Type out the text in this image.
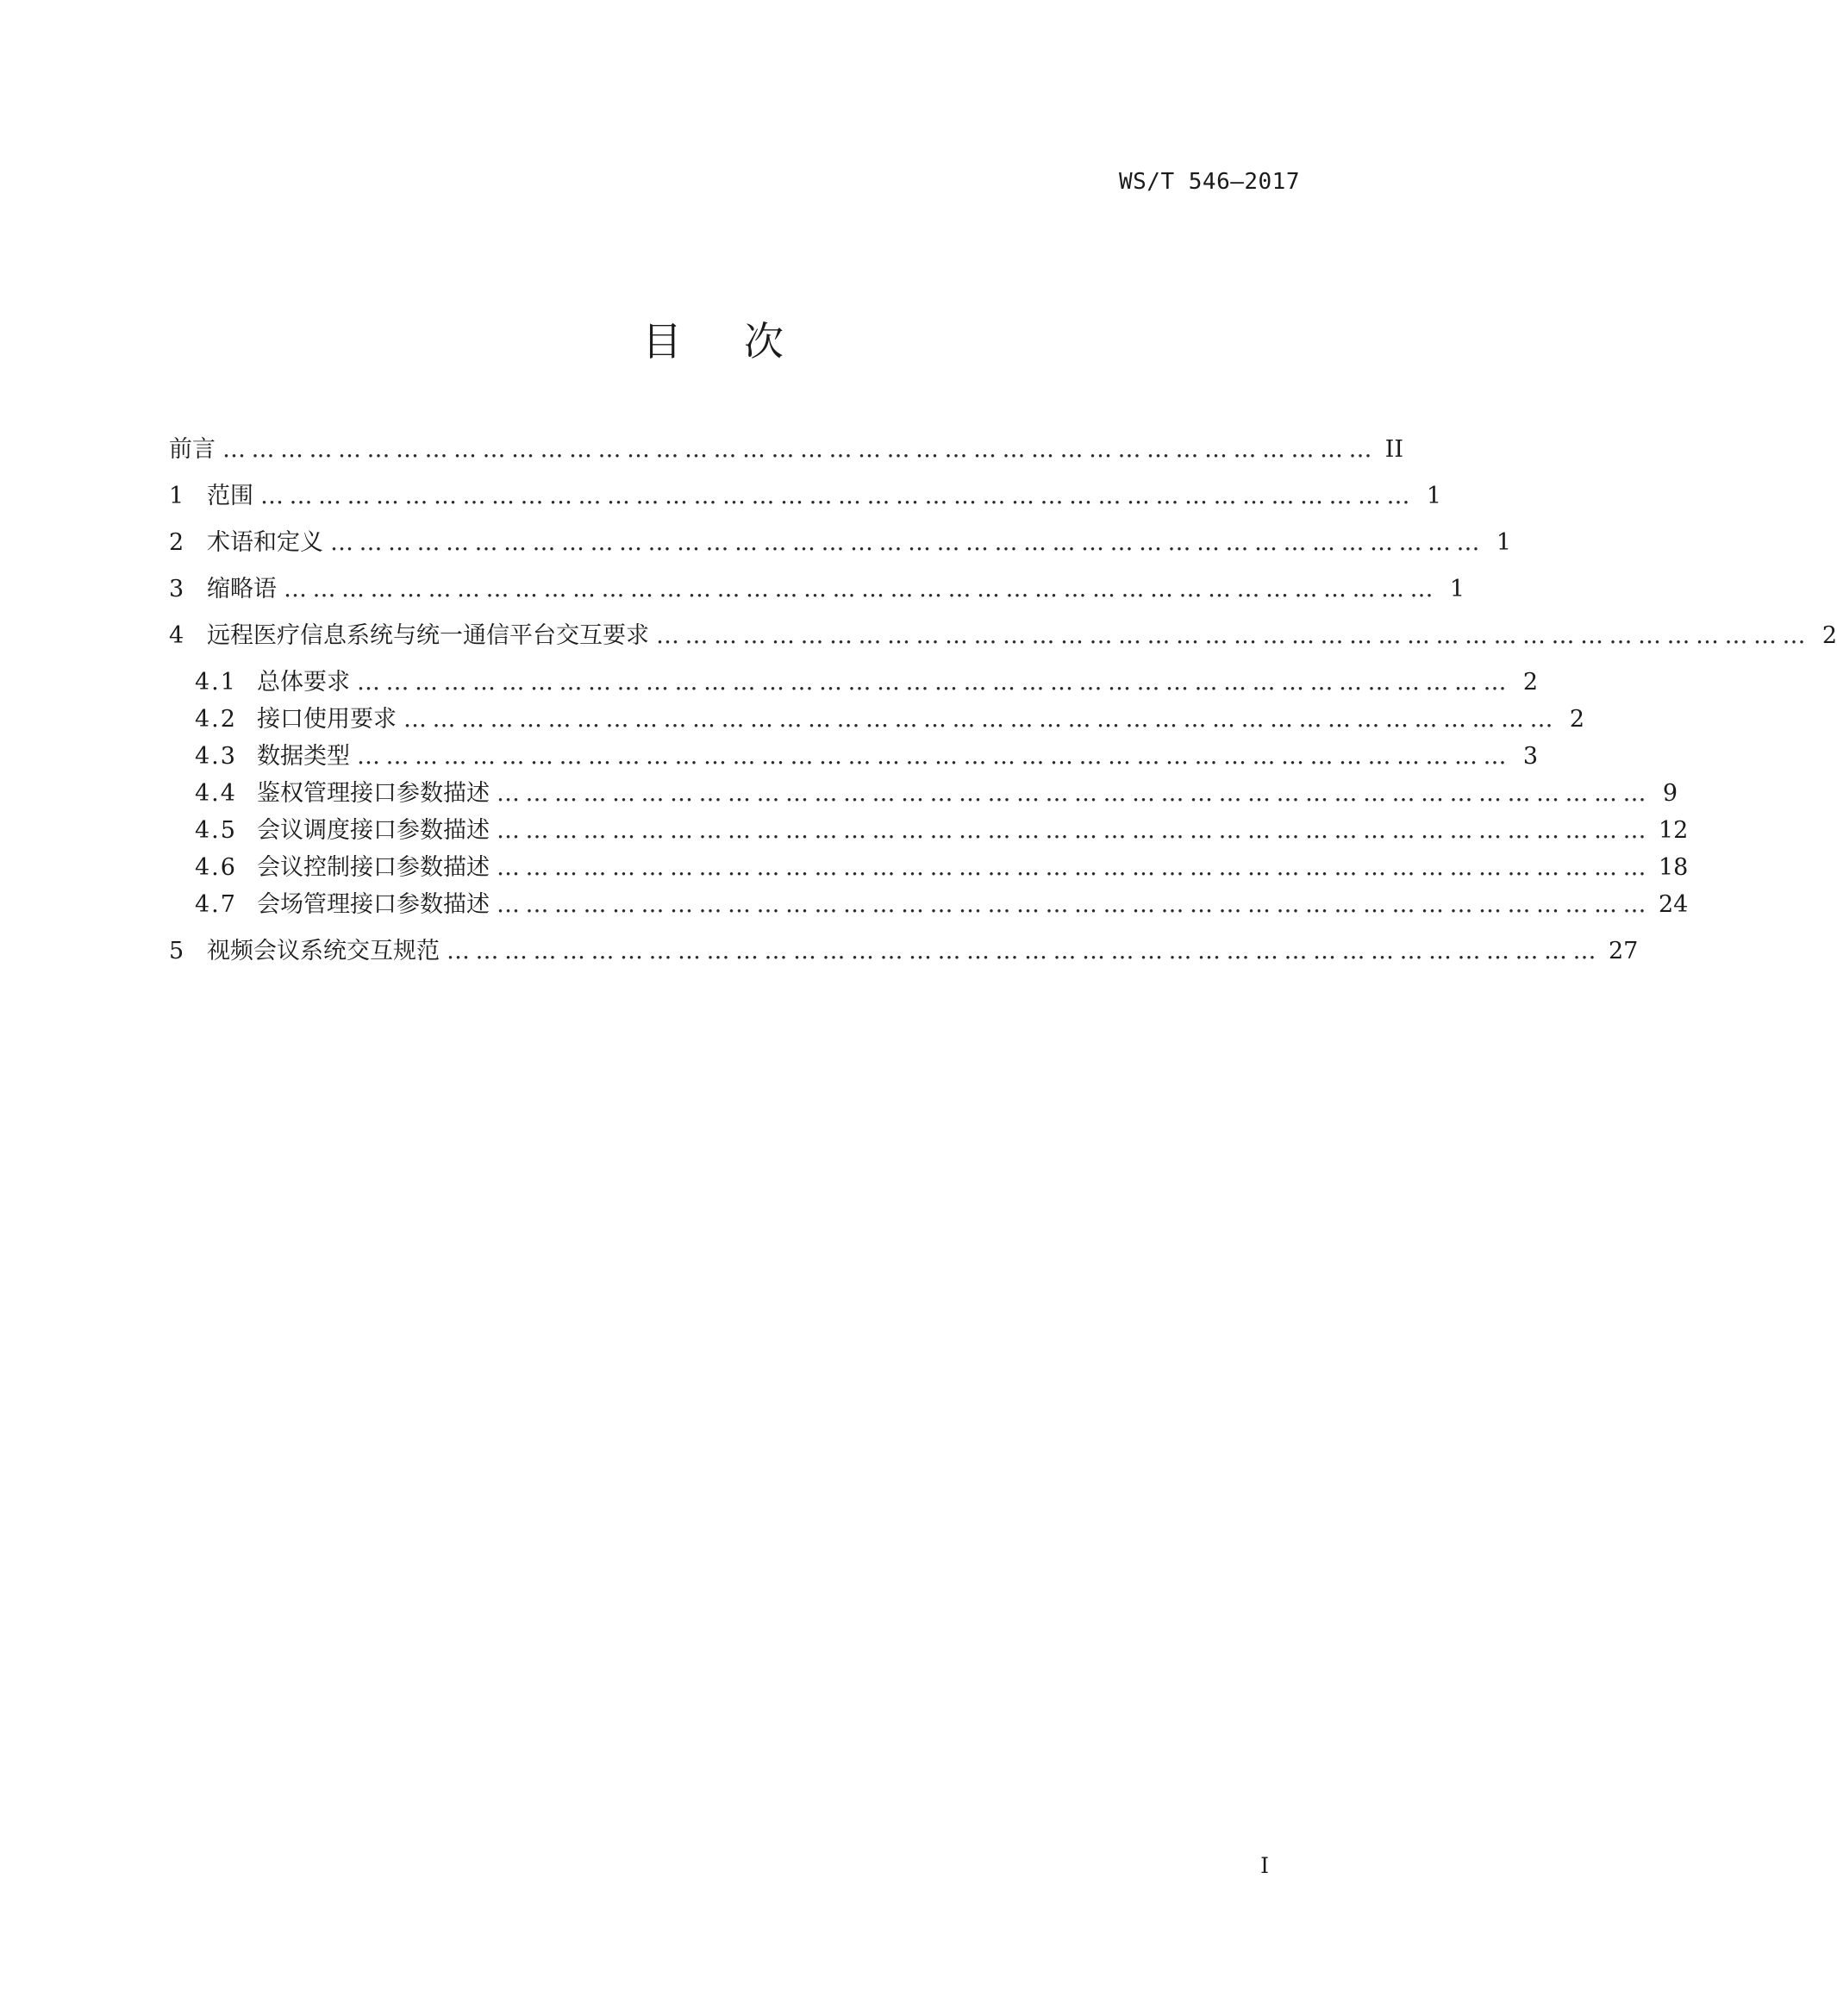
WS/T 546—2017
目次
前言 ………………………………………………………………………………………………………… II
1 范围 ………………………………………………………………………………………………………… 1
2 术语和定义 ………………………………………………………………………………………………………… 1
3 缩略语 ………………………………………………………………………………………………………… 1
4 远程医疗信息系统与统一通信平台交互要求 ………………………………………………………………………………………………………… 2
4.1 总体要求 ………………………………………………………………………………………………………… 2
4.2 接口使用要求 ………………………………………………………………………………………………………… 2
4.3 数据类型 ………………………………………………………………………………………………………… 3
4.4 鉴权管理接口参数描述 ………………………………………………………………………………………………………… 9
4.5 会议调度接口参数描述 ………………………………………………………………………………………………………… 12
4.6 会议控制接口参数描述 ………………………………………………………………………………………………………… 18
4.7 会场管理接口参数描述 ………………………………………………………………………………………………………… 24
5 视频会议系统交互规范 ………………………………………………………………………………………………………… 27
I
